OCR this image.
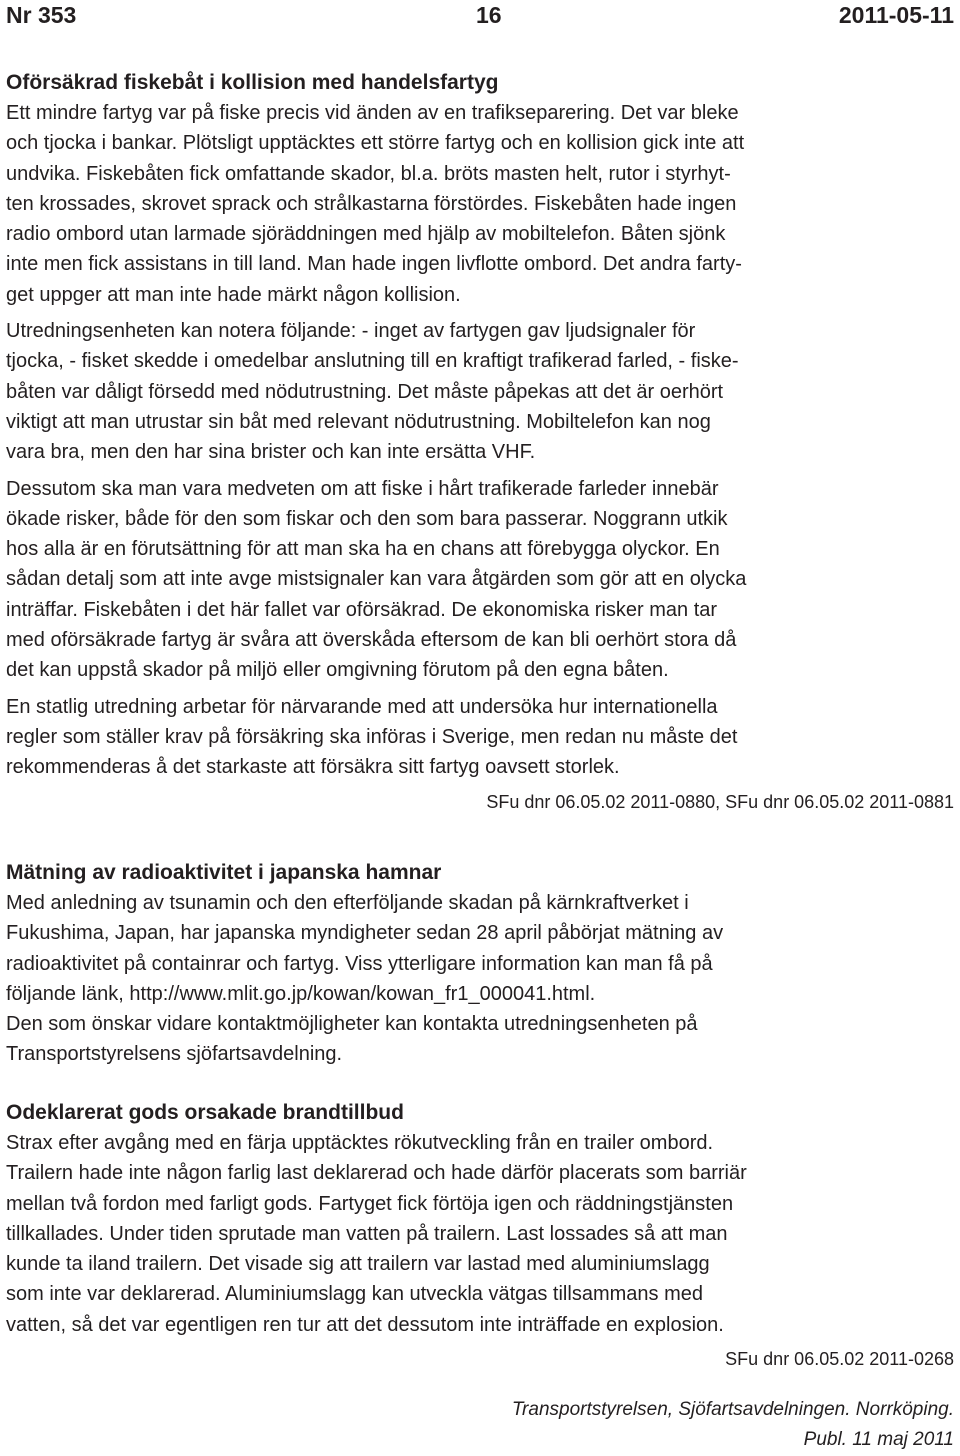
Nr 353	16	2011-05-11
Oförsäkrad fiskebåt i kollision med handelsfartyg

Ett mindre fartyg var på fiske precis vid änden av en trafikseparering. Det var bleke
och tjocka i bankar. Plötsligt upptäcktes ett större fartyg och en kollision gick inte att
undvika. Fiskebåten fick omfattande skador, bl.a. bröts masten helt, rutor i styrhyt-
ten krossades, skrovet sprack och strålkastarna förstördes. Fiskebåten hade ingen
radio ombord utan larmade sjöräddningen med hjälp av mobiltelefon. Båten sjönk
inte men fick assistans in till land. Man hade ingen livflotte ombord. Det andra farty-
get uppger att man inte hade märkt någon kollision.

Utredningsenheten kan notera följande: - inget av fartygen gav ljudsignaler för
tjocka, - fisket skedde i omedelbar anslutning till en kraftigt trafikerad farled, - fiske-
båten var dåligt försedd med nödutrustning. Det måste påpekas att det är oerhört
viktigt att man utrustar sin båt med relevant nödutrustning. Mobiltelefon kan nog
vara bra, men den har sina brister och kan inte ersätta VHF.

Dessutom ska man vara medveten om att fiske i hårt trafikerade farleder innebär
ökade risker, både för den som fiskar och den som bara passerar. Noggrann utkik
hos alla är en förutsättning för att man ska ha en chans att förebygga olyckor. En
sådan detalj som att inte avge mistsignaler kan vara åtgärden som gör att en olycka
inträffar. Fiskebåten i det här fallet var oförsäkrad. De ekonomiska risker man tar
med oförsäkrade fartyg är svåra att överskåda eftersom de kan bli oerhört stora då
det kan uppstå skador på miljö eller omgivning förutom på den egna båten.

En statlig utredning arbetar för närvarande med att undersöka hur internationella
regler som ställer krav på försäkring ska införas i Sverige, men redan nu måste det
rekommenderas å det starkaste att försäkra sitt fartyg oavsett storlek.

SFu dnr 06.05.02 2011-0880, SFu dnr 06.05.02 2011-0881
Mätning av radioaktivitet i japanska hamnar

Med anledning av tsunamin och den efterföljande skadan på kärnkraftverket i
Fukushima, Japan, har japanska myndigheter sedan 28 april påbörjat mätning av
radioaktivitet på containrar och fartyg. Viss ytterligare information kan man få på
följande länk, http://www.mlit.go.jp/kowan/kowan_fr1_000041.html.
Den som önskar vidare kontaktmöjligheter kan kontakta utredningsenheten på
Transportstyrelsens sjöfartsavdelning.

Odeklarerat gods orsakade brandtillbud

Strax efter avgång med en färja upptäcktes rökutveckling från en trailer ombord.
Trailern hade inte någon farlig last deklarerad och hade därför placerats som barriär
mellan två fordon med farligt gods. Fartyget fick förtöja igen och räddningstjänsten
tillkallades. Under tiden sprutade man vatten på trailern. Last lossades så att man
kunde ta iland trailern. Det visade sig att trailern var lastad med aluminiumslagg
som inte var deklarerad. Aluminiumslagg kan utveckla vätgas tillsammans med
vatten, så det var egentligen ren tur att det dessutom inte inträffade en explosion.

SFu dnr 06.05.02 2011-0268
Transportstyrelsen, Sjöfartsavdelningen. Norrköping.
Publ. 11 maj 2011
